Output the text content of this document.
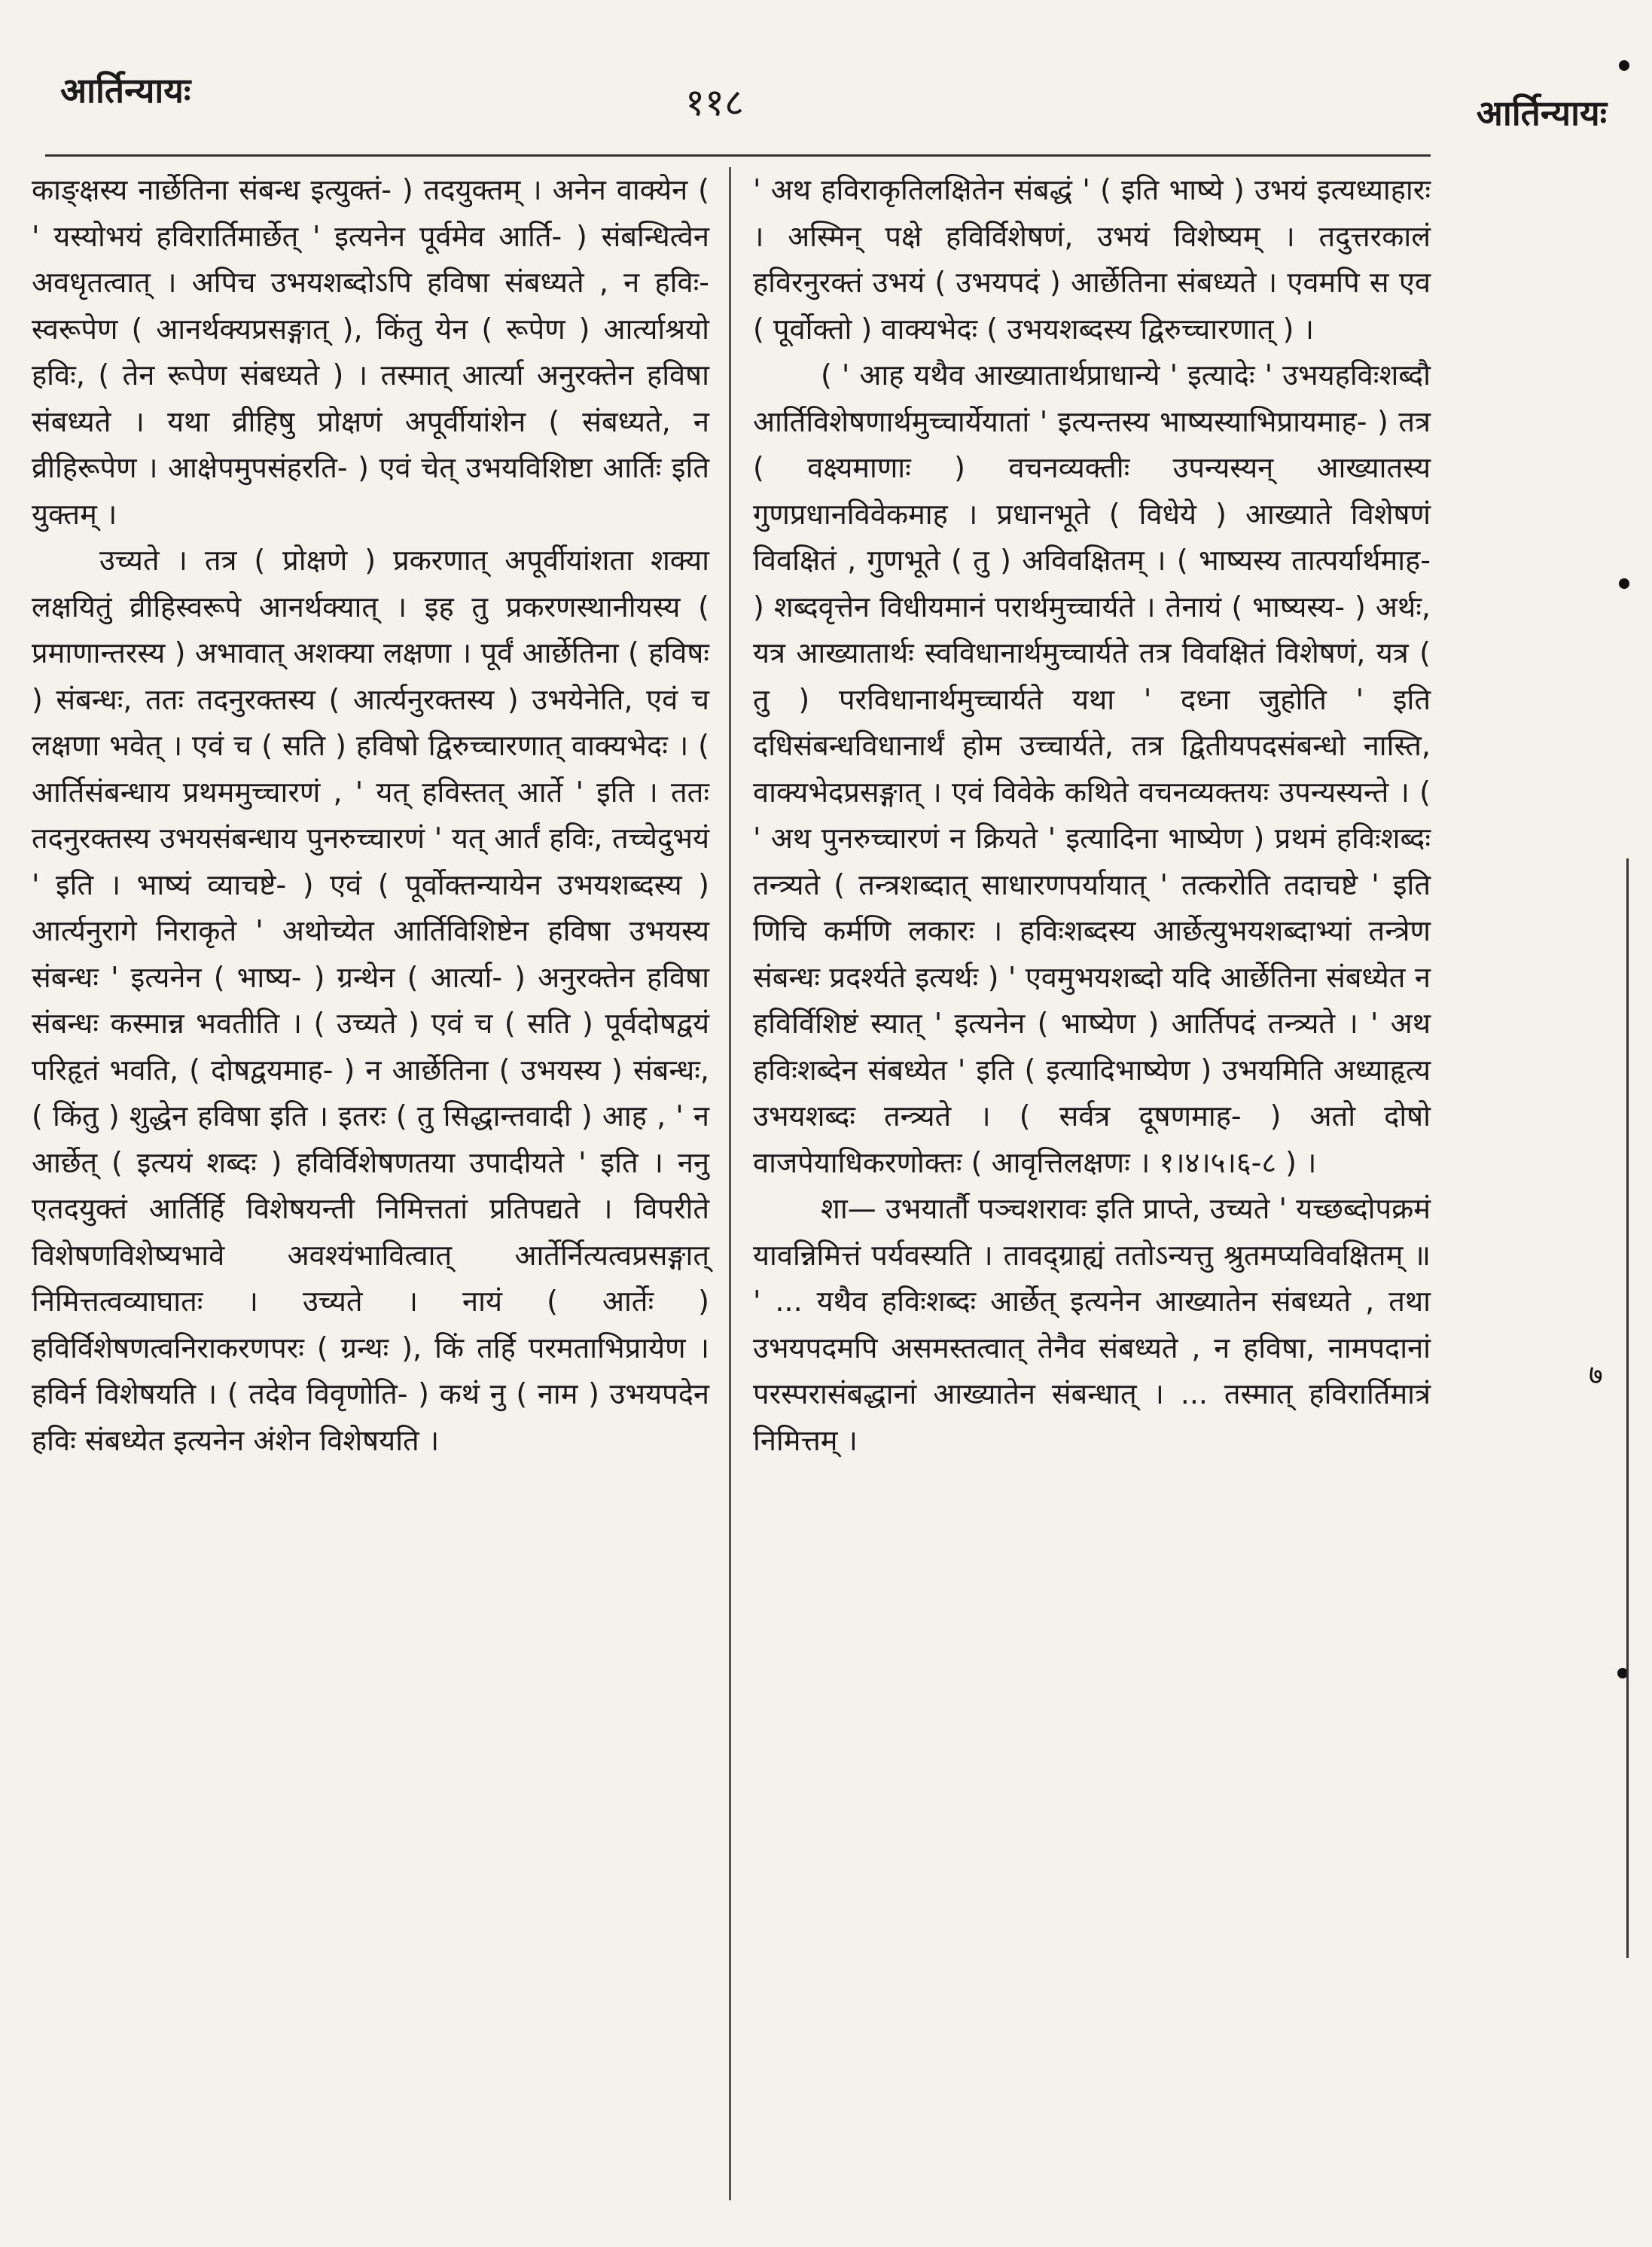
आर्तिन्यायः	११८	आर्तिन्यायः

काङ्क्षस्य नार्छेतिना संबन्ध इत्युक्तं- ) तदयुक्तम् । अनेन वाक्येन ( ' यस्योभयं हविरार्तिमार्छेत् ' इत्यनेन पूर्वमेव आर्ति- ) संबन्धित्वेन अवधृतत्वात् । अपिच उभयशब्दोऽपि हविषा संबध्यते , न हविः-स्वरूपेण ( आनर्थक्यप्रसङ्गात् ), किंतु येन ( रूपेण ) आर्त्याश्रयो हविः, ( तेन रूपेण संबध्यते ) । तस्मात् आर्त्या अनुरक्तेन हविषा संबध्यते । यथा व्रीहिषु प्रोक्षणं अपूर्वीयांशेन ( संबध्यते, न व्रीहिरूपेण । आक्षेपमुपसंहरति- ) एवं चेत् उभयविशिष्टा आर्तिः इति युक्तम् ।

उच्यते । तत्र ( प्रोक्षणे ) प्रकरणात् अपूर्वीयांशता शक्या लक्षयितुं व्रीहिस्वरूपे आनर्थक्यात् । इह तु प्रकरणस्थानीयस्य ( प्रमाणान्तरस्य ) अभावात् अशक्या लक्षणा । पूर्वं आर्छेतिना ( हविषः ) संबन्धः, ततः तदनुरक्तस्य ( आर्त्यनुरक्तस्य ) उभयेनेति, एवं च लक्षणा भवेत् । एवं च ( सति ) हविषो द्विरुच्चारणात् वाक्यभेदः । ( आर्तिसंबन्धाय प्रथममुच्चारणं , ' यत् हविस्तत् आर्ते ' इति । ततः तदनुरक्तस्य उभयसंबन्धाय पुनरुच्चारणं ' यत् आर्तं हविः, तच्चेदुभयं ' इति । भाष्यं व्याचष्टे- ) एवं ( पूर्वोक्तन्यायेन उभयशब्दस्य ) आर्त्यनुरागे निराकृते ' अथोच्येत आर्तिविशिष्टेन हविषा उभयस्य संबन्धः ' इत्यनेन ( भाष्य- ) ग्रन्थेन ( आर्त्या- ) अनुरक्तेन हविषा संबन्धः कस्मान्न भवतीति । ( उच्यते ) एवं च ( सति ) पूर्वदोषद्वयं परिहृतं भवति, ( दोषद्वयमाह- ) न आर्छेतिना ( उभयस्य ) संबन्धः, ( किंतु ) शुद्धेन हविषा इति । इतरः ( तु सिद्धान्तवादी ) आह , ' न आर्छेत् ( इत्ययं शब्दः ) हविर्विशेषणतया उपादीयते ' इति । ननु एतदयुक्तं आर्तिर्हि विशेषयन्ती निमित्ततां प्रतिपद्यते । विपरीते विशेषणविशेष्यभावे अवश्यंभावित्वात् आर्तेर्नित्यत्वप्रसङ्गात् निमित्तत्वव्याघातः । उच्यते । नायं ( आर्तेः ) हविर्विशेषणत्वनिराकरणपरः ( ग्रन्थः ), किं तर्हि परमताभिप्रायेण । हविर्न विशेषयति । ( तदेव विवृणोति- ) कथं नु ( नाम ) उभयपदेन हविः संबध्येत इत्यनेन अंशेन विशेषयति ।

' अथ हविराकृतिलक्षितेन संबद्धं ' ( इति भाष्ये ) उभयं इत्यध्याहारः । अस्मिन् पक्षे हविर्विशेषणं, उभयं विशेष्यम् । तदुत्तरकालं हविरनुरक्तं उभयं ( उभयपदं ) आर्छेतिना संबध्यते । एवमपि स एव ( पूर्वोक्तो ) वाक्यभेदः ( उभयशब्दस्य द्विरुच्चारणात् ) ।

( ' आह यथैव आख्यातार्थप्राधान्ये ' इत्यादेः ' उभयहविःशब्दौ आर्तिविशेषणार्थमुच्चार्येयातां ' इत्यन्तस्य भाष्यस्याभिप्रायमाह- ) तत्र ( वक्ष्यमाणाः ) वचनव्यक्तीः उपन्यस्यन् आख्यातस्य गुणप्रधानविवेकमाह । प्रधानभूते ( विधेये ) आख्याते विशेषणं विवक्षितं , गुणभूते ( तु ) अविवक्षितम् । ( भाष्यस्य तात्पर्यार्थमाह- ) शब्दवृत्तेन विधीयमानं परार्थमुच्चार्यते । तेनायं ( भाष्यस्य- ) अर्थः, यत्र आख्यातार्थः स्वविधानार्थमुच्चार्यते तत्र विवक्षितं विशेषणं, यत्र ( तु ) परविधानार्थमुच्चार्यते यथा ' दध्ना जुहोति ' इति दधिसंबन्धविधानार्थं होम उच्चार्यते, तत्र द्वितीयपदसंबन्धो नास्ति, वाक्यभेदप्रसङ्गात् । एवं विवेके कथिते वचनव्यक्तयः उपन्यस्यन्ते । ( ' अथ पुनरुच्चारणं न क्रियते ' इत्यादिना भाष्येण ) प्रथमं हविःशब्दः तन्त्र्यते ( तन्त्रशब्दात् साधारणपर्यायात् ' तत्करोति तदाचष्टे ' इति णिचि कर्मणि लकारः । हविःशब्दस्य आर्छेत्युभयशब्दाभ्यां तन्त्रेण संबन्धः प्रदर्श्यते इत्यर्थः ) ' एवमुभयशब्दो यदि आर्छेतिना संबध्येत न हविर्विशिष्टं स्यात् ' इत्यनेन ( भाष्येण ) आर्तिपदं तन्त्र्यते । ' अथ हविःशब्देन संबध्येत ' इति ( इत्यादिभाष्येण ) उभयमिति अध्याहृत्य उभयशब्दः तन्त्र्यते । ( सर्वत्र दूषणमाह- ) अतो दोषो वाजपेयाधिकरणोक्तः ( आवृत्तिलक्षणः । १।४।५।६-८ ) ।

शा— उभयार्तौ पञ्चशरावः इति प्राप्ते, उच्यते ' यच्छब्दोपक्रमं यावन्निमित्तं पर्यवस्यति । तावद्ग्राह्यं ततोऽन्यत्तु श्रुतमप्यविवक्षितम् ॥ ' ... यथैव हविःशब्दः आर्छेत् इत्यनेन आख्यातेन संबध्यते , तथा उभयपदमपि असमस्तत्वात् तेनैव संबध्यते , न हविषा, नामपदानां परस्परासंबद्धानां आख्यातेन संबन्धात् । ... तस्मात् हविरार्तिमात्रं निमित्तम् ।

७
